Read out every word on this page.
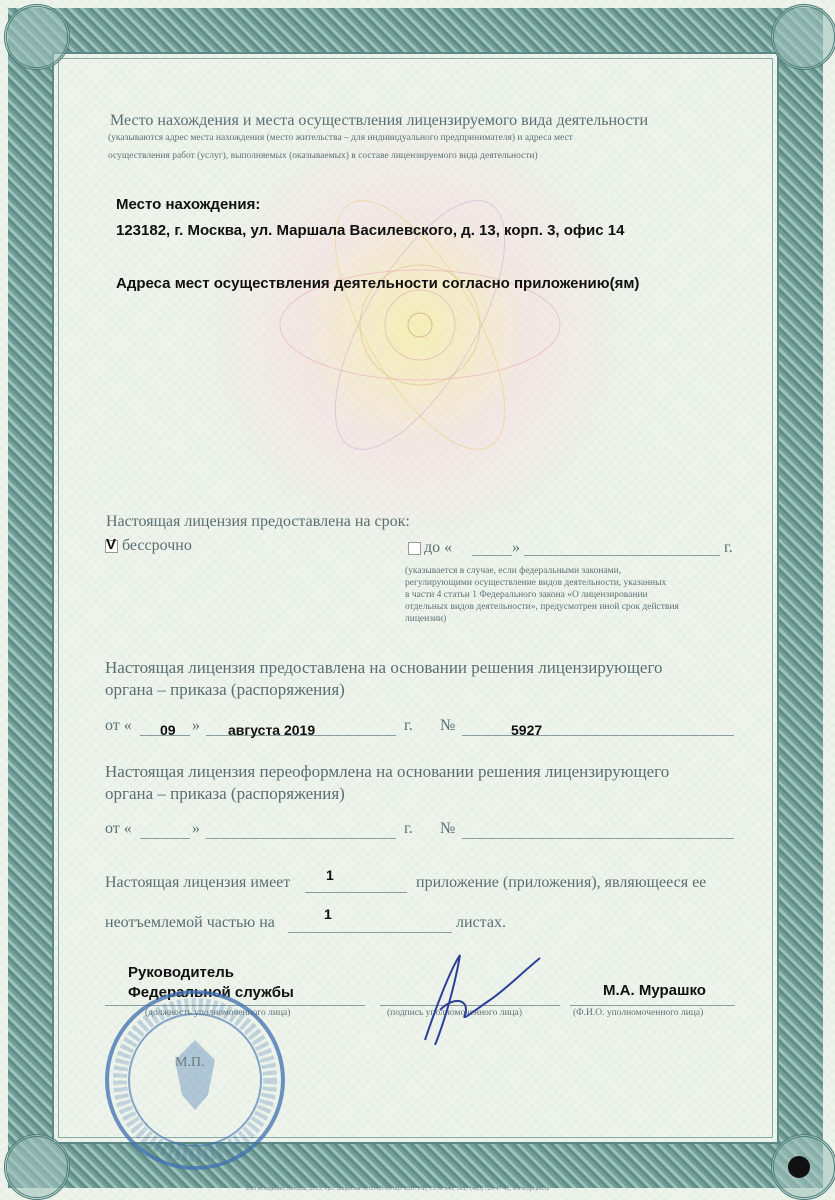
Место нахождения и места осуществления лицензируемого вида деятельности
(указываются адрес места нахождения (место жительства – для индивидуального предпринимателя) и адреса мест
осуществления работ (услуг), выполняемых (оказываемых) в составе лицензируемого вида деятельности)
Место нахождения:
123182, г. Москва, ул. Маршала Василевского, д. 13, корп. 3, офис 14
Адреса мест осуществления деятельности согласно приложению(ям)
Настоящая лицензия предоставлена на срок:
V бессрочно	до «	»	г.
(указывается в случае, если федеральными законами,
регулирующими осуществление видов деятельности, указанных
в части 4 статьи 1 Федерального закона «О лицензировании
отдельных видов деятельности», предусмотрен иной срок действия
лицензии)
Настоящая лицензия предоставлена на основании решения лицензирующего
органа – приказа (распоряжения)
от « 09 » августа 2019	г. №	5927
Настоящая лицензия переоформлена на основании решения лицензирующего
органа – приказа (распоряжения)
от «	»	г. №
Настоящая лицензия имеет	1	приложение (приложения), являющееся ее
неотъемлемой частью на	1	листах.
Руководитель
Федеральной службы
(должность уполномоченного лица)	(подпись уполномоченного лица)
М.А. Мурашко
(Ф.И.О. уполномоченного лица)
М.П.
ЗАО «Опцион», Москва, 2015, «Б», лицензия № 05-05-09/003 ФНС РФ, ТЗ № 949, Тел.: (495) 726-47-42, www.opcion.ru
